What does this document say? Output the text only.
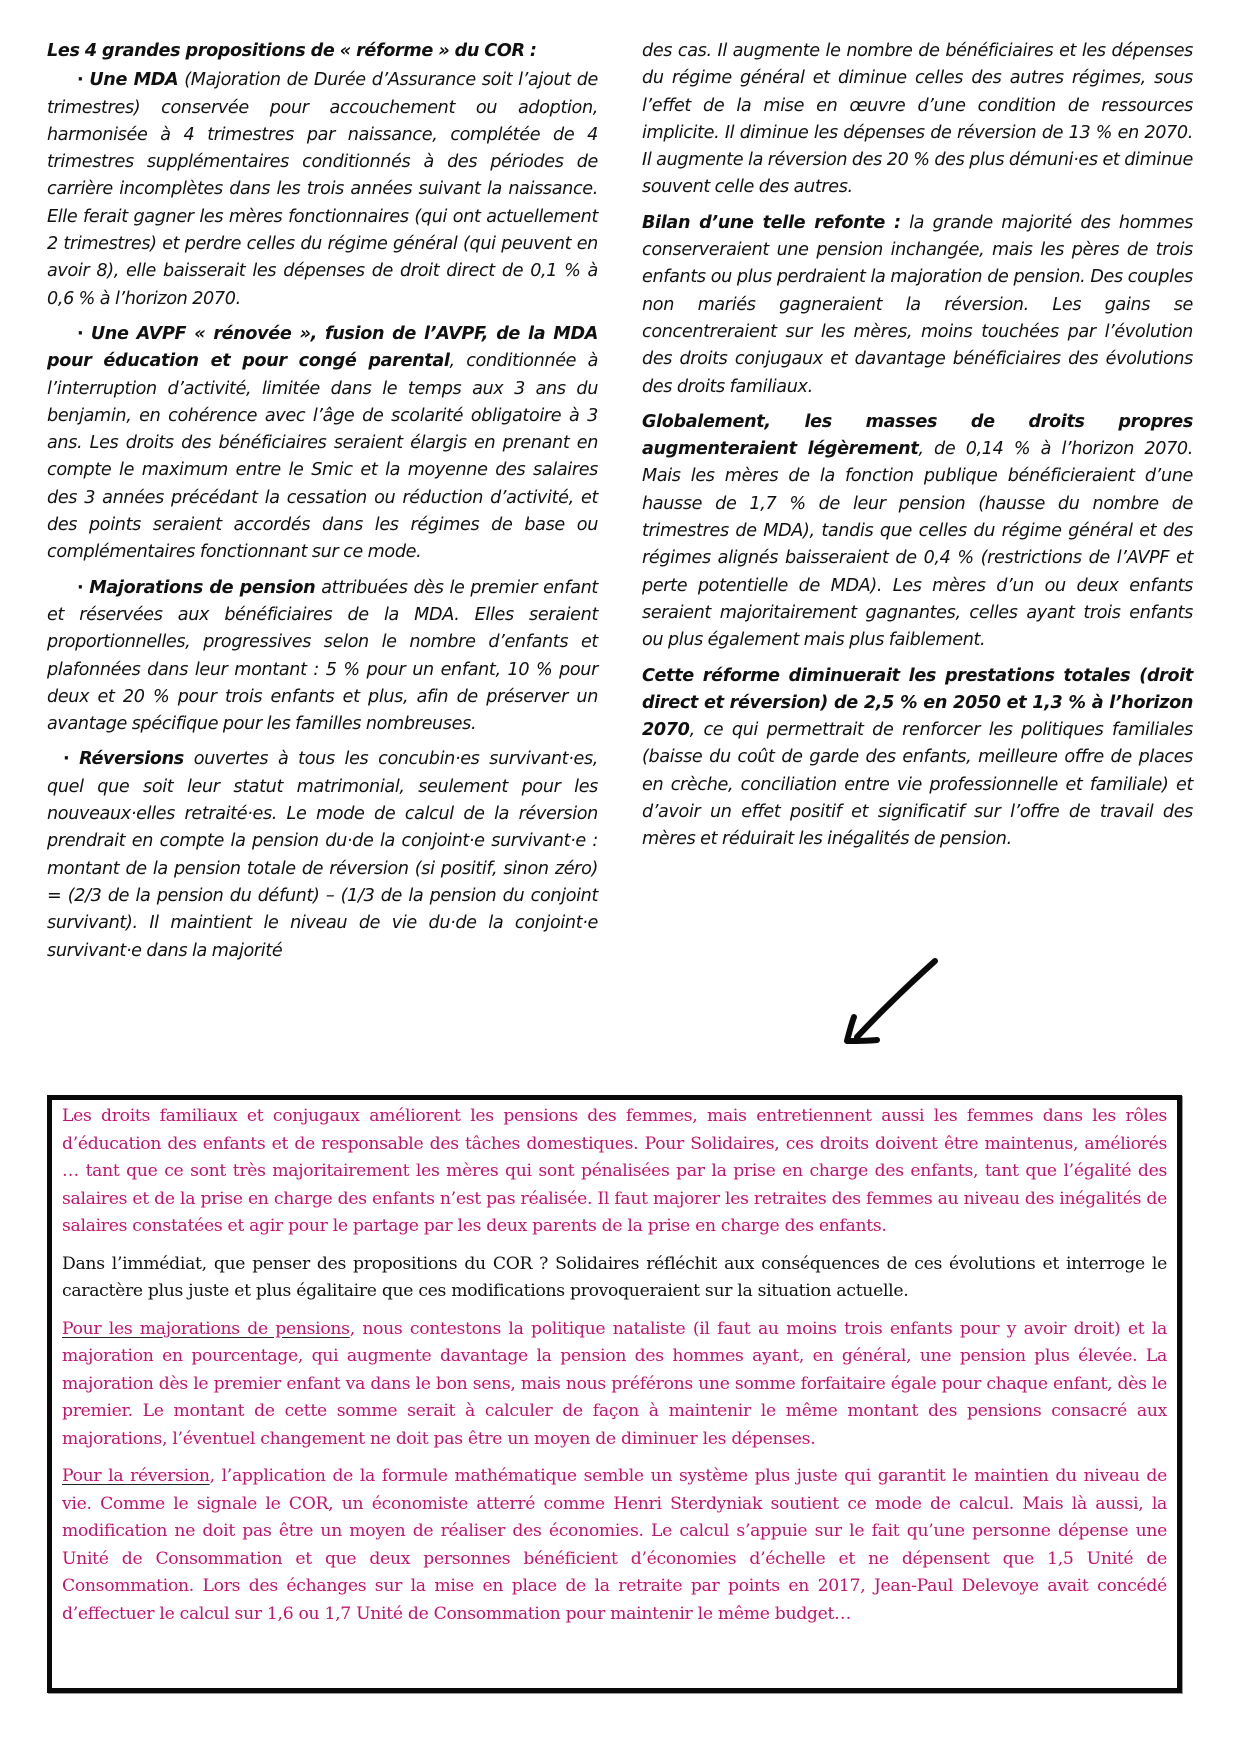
Les 4 grandes propositions de « réforme » du COR :

· Une MDA (Majoration de Durée d’Assurance soit l’ajout de trimestres) conservée pour accouchement ou adoption, harmonisée à 4 trimestres par naissance, complétée de 4 trimestres supplémentaires conditionnés à des périodes de carrière incomplètes dans les trois années suivant la naissance. Elle ferait gagner les mères fonctionnaires (qui ont actuellement 2 trimestres) et perdre celles du régime général (qui peuvent en avoir 8), elle baisserait les dépenses de droit direct de 0,1 % à 0,6 % à l’horizon 2070.

· Une AVPF « rénovée », fusion de l’AVPF, de la MDA pour éducation et pour congé parental, conditionnée à l’interruption d’activité, limitée dans le temps aux 3 ans du benjamin, en cohérence avec l’âge de scolarité obligatoire à 3 ans. Les droits des bénéficiaires seraient élargis en prenant en compte le maximum entre le Smic et la moyenne des salaires des 3 années précédant la cessation ou réduction d’activité, et des points seraient accordés dans les régimes de base ou complémentaires fonctionnant sur ce mode.

· Majorations de pension attribuées dès le premier enfant et réservées aux bénéficiaires de la MDA. Elles seraient proportionnelles, progressives selon le nombre d’enfants et plafonnées dans leur montant : 5 % pour un enfant, 10 % pour deux et 20 % pour trois enfants et plus, afin de préserver un avantage spécifique pour les familles nombreuses.

· Réversions ouvertes à tous les concubin·es survivant·es, quel que soit leur statut matrimonial, seulement pour les nouveaux·elles retraité·es. Le mode de calcul de la réversion prendrait en compte la pension du·de la conjoint·e survivant·e : montant de la pension totale de réversion (si positif, sinon zéro) = (2/3 de la pension du défunt) – (1/3 de la pension du conjoint survivant). Il maintient le niveau de vie du·de la conjoint·e survivant·e dans la majorité

des cas. Il augmente le nombre de bénéficiaires et les dépenses du régime général et diminue celles des autres régimes, sous l’effet de la mise en œuvre d’une condition de ressources implicite. Il diminue les dépenses de réversion de 13 % en 2070. Il augmente la réversion des 20 % des plus démuni·es et diminue souvent celle des autres.

Bilan d’une telle refonte : la grande majorité des hommes conserveraient une pension inchangée, mais les pères de trois enfants ou plus perdraient la majoration de pension. Des couples non mariés gagneraient la réversion. Les gains se concentreraient sur les mères, moins touchées par l’évolution des droits conjugaux et davantage bénéficiaires des évolutions des droits familiaux.

Globalement, les masses de droits propres augmenteraient légèrement, de 0,14 % à l’horizon 2070. Mais les mères de la fonction publique bénéficieraient d’une hausse de 1,7 % de leur pension (hausse du nombre de trimestres de MDA), tandis que celles du régime général et des régimes alignés baisseraient de 0,4 % (restrictions de l’AVPF et perte potentielle de MDA). Les mères d’un ou deux enfants seraient majoritairement gagnantes, celles ayant trois enfants ou plus également mais plus faiblement.

Cette réforme diminuerait les prestations totales (droit direct et réversion) de 2,5 % en 2050 et 1,3 % à l’horizon 2070, ce qui permettrait de renforcer les politiques familiales (baisse du coût de garde des enfants, meilleure offre de places en crèche, conciliation entre vie professionnelle et familiale) et d’avoir un effet positif et significatif sur l’offre de travail des mères et réduirait les inégalités de pension.

Les droits familiaux et conjugaux améliorent les pensions des femmes, mais entretiennent aussi les femmes dans les rôles d’éducation des enfants et de responsable des tâches domestiques. Pour Solidaires, ces droits doivent être maintenus, améliorés … tant que ce sont très majoritairement les mères qui sont pénalisées par la prise en charge des enfants, tant que l’égalité des salaires et de la prise en charge des enfants n’est pas réalisée. Il faut majorer les retraites des femmes au niveau des inégalités de salaires constatées et agir pour le partage par les deux parents de la prise en charge des enfants.

Dans l’immédiat, que penser des propositions du COR ? Solidaires réfléchit aux conséquences de ces évolutions et interroge le caractère plus juste et plus égalitaire que ces modifications provoqueraient sur la situation actuelle.

Pour les majorations de pensions, nous contestons la politique nataliste (il faut au moins trois enfants pour y avoir droit) et la majoration en pourcentage, qui augmente davantage la pension des hommes ayant, en général, une pension plus élevée. La majoration dès le premier enfant va dans le bon sens, mais nous préférons une somme forfaitaire égale pour chaque enfant, dès le premier. Le montant de cette somme serait à calculer de façon à maintenir le même montant des pensions consacré aux majorations, l’éventuel changement ne doit pas être un moyen de diminuer les dépenses.

Pour la réversion, l’application de la formule mathématique semble un système plus juste qui garantit le maintien du niveau de vie. Comme le signale le COR, un économiste atterré comme Henri Sterdyniak soutient ce mode de calcul. Mais là aussi, la modification ne doit pas être un moyen de réaliser des économies. Le calcul s’appuie sur le fait qu’une personne dépense une Unité de Consommation et que deux personnes bénéficient d’économies d’échelle et ne dépensent que 1,5 Unité de Consommation. Lors des échanges sur la mise en place de la retraite par points en 2017, Jean-Paul Delevoye avait concédé d’effectuer le calcul sur 1,6 ou 1,7 Unité de Consommation pour maintenir le même budget…
